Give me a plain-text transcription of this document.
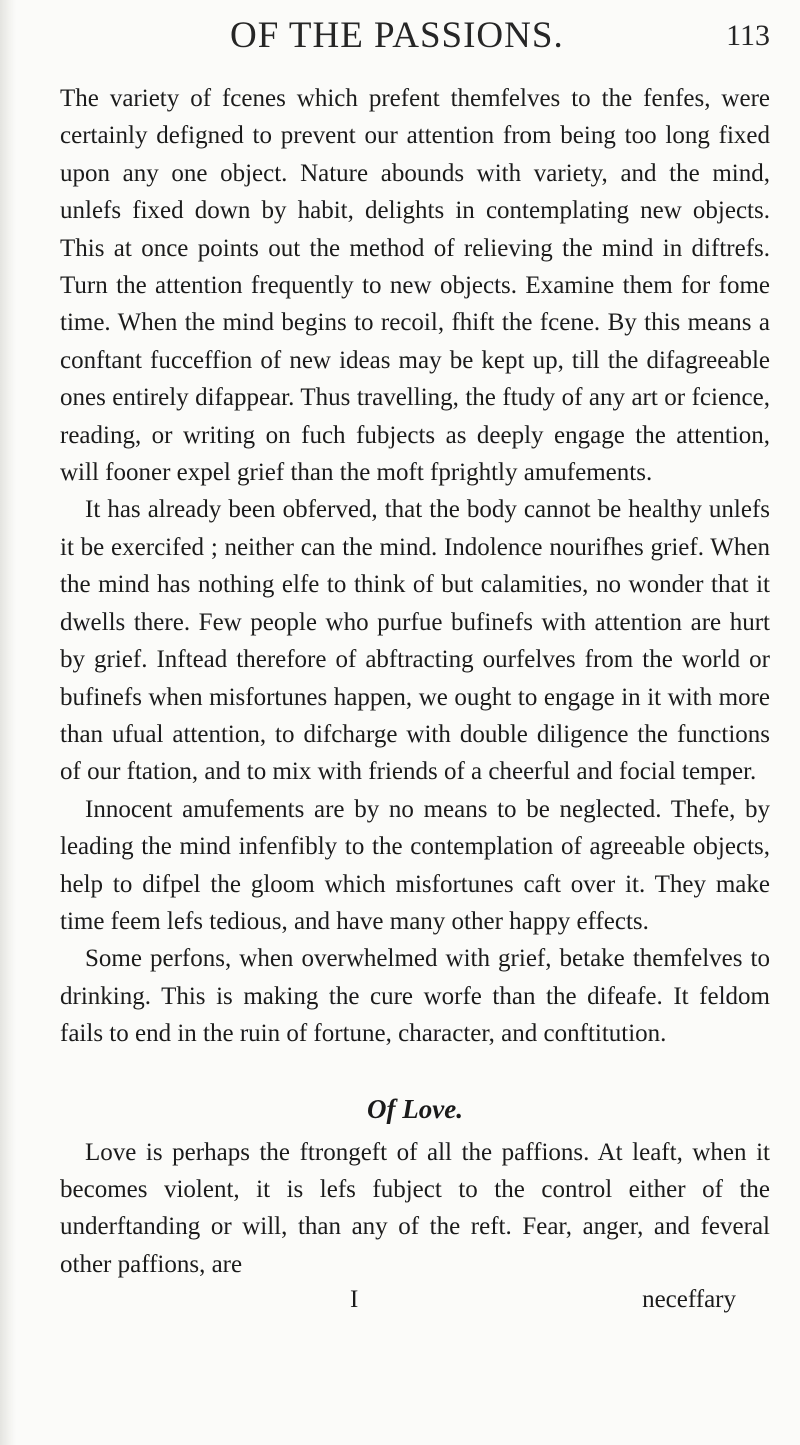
OF THE PASSIONS.	113

The variety of fcenes which prefent themfelves to the fenfes, were certainly defigned to prevent our attention from being too long fixed upon any one object. Nature abounds with variety, and the mind, unlefs fixed down by habit, delights in contemplating new objects. This at once points out the method of relieving the mind in diftrefs. Turn the attention frequently to new objects. Examine them for fome time. When the mind begins to recoil, fhift the fcene. By this means a conftant fucceffion of new ideas may be kept up, till the difagreeable ones entirely difappear. Thus travelling, the ftudy of any art or fcience, reading, or writing on fuch fubjects as deeply engage the attention, will fooner expel grief than the moft fprightly amufements.

It has already been obferved, that the body cannot be healthy unlefs it be exercifed ; neither can the mind. Indolence nourifhes grief. When the mind has nothing elfe to think of but calamities, no wonder that it dwells there. Few people who purfue bufinefs with attention are hurt by grief. Inftead therefore of abftracting ourfelves from the world or bufinefs when misfortunes happen, we ought to engage in it with more than ufual attention, to difcharge with double diligence the functions of our ftation, and to mix with friends of a cheerful and focial temper.

Innocent amufements are by no means to be neglected. Thefe, by leading the mind infenfibly to the contemplation of agreeable objects, help to difpel the gloom which misfortunes caft over it. They make time feem lefs tedious, and have many other happy effects.

Some perfons, when overwhelmed with grief, betake themfelves to drinking. This is making the cure worfe than the difeafe. It feldom fails to end in the ruin of fortune, character, and conftitution.

Of Love.

Love is perhaps the ftrongeft of all the paffions. At leaft, when it becomes violent, it is lefs fubject to the control either of the underftanding or will, than any of the reft. Fear, anger, and feveral other paffions, are

I	neceffary
